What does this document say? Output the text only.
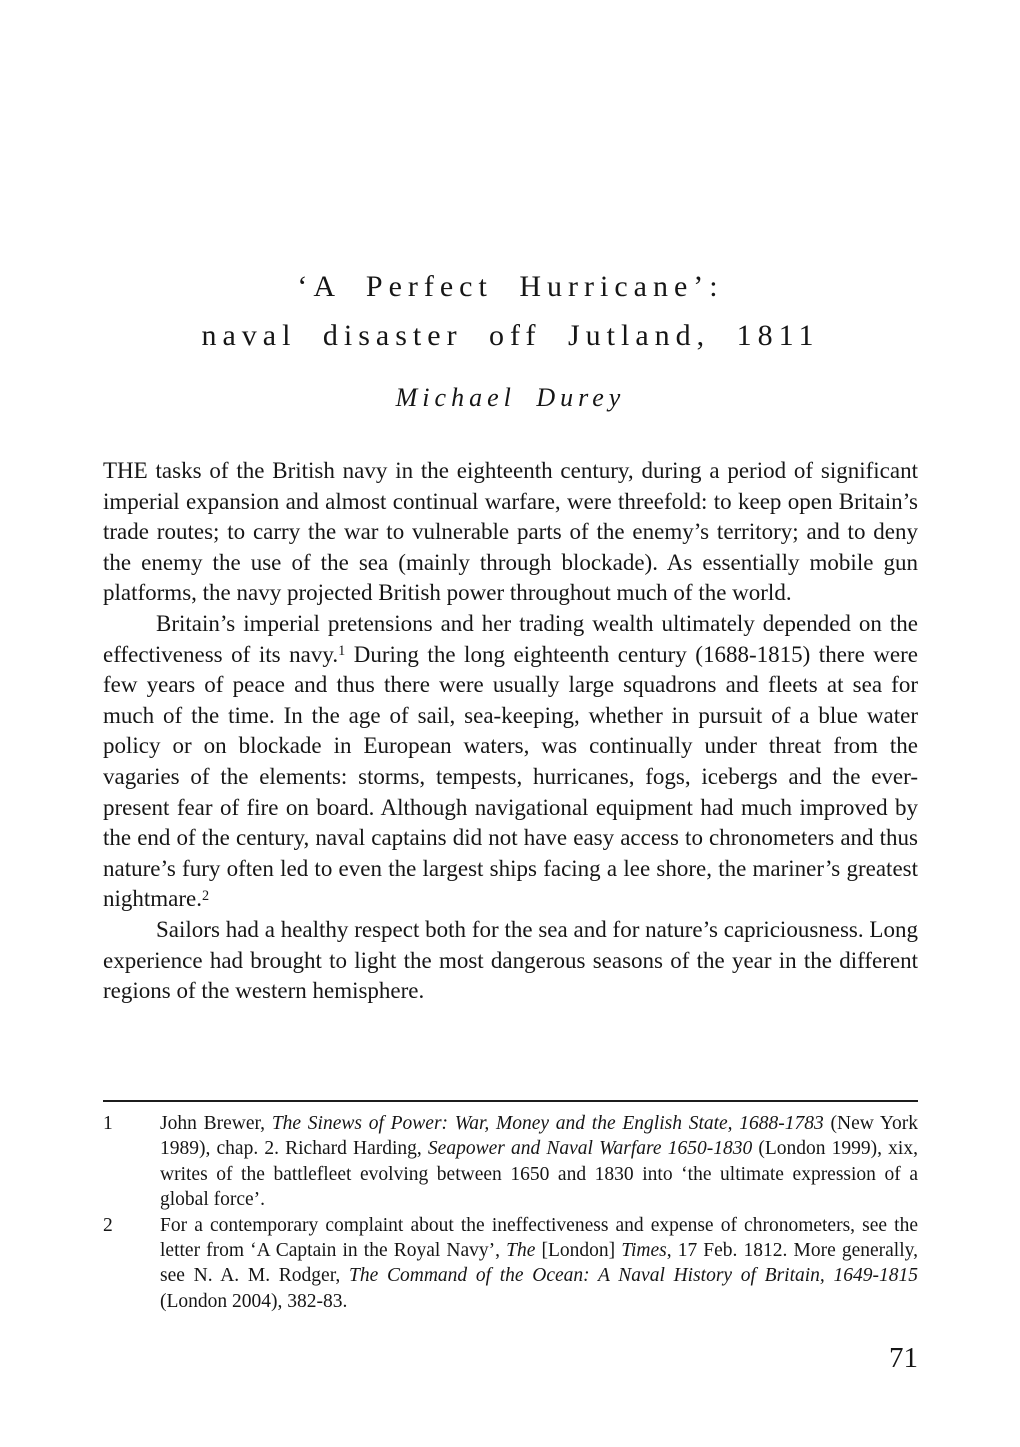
‘A Perfect Hurricane’:
naval disaster off Jutland, 1811
Michael Durey

THE tasks of the British navy in the eighteenth century, during a period of significant imperial expansion and almost continual warfare, were threefold: to keep open Britain’s trade routes; to carry the war to vulnerable parts of the enemy’s territory; and to deny the enemy the use of the sea (mainly through blockade). As essentially mobile gun platforms, the navy projected British power throughout much of the world.

Britain’s imperial pretensions and her trading wealth ultimately depended on the effectiveness of its navy.$^1$ During the long eighteenth century (1688-1815) there were few years of peace and thus there were usually large squadrons and fleets at sea for much of the time. In the age of sail, sea-keeping, whether in pursuit of a blue water policy or on blockade in European waters, was continually under threat from the vagaries of the elements: storms, tempests, hurricanes, fogs, icebergs and the ever-present fear of fire on board. Although navigational equipment had much improved by the end of the century, naval captains did not have easy access to chronometers and thus nature’s fury often led to even the largest ships facing a lee shore, the mariner’s greatest nightmare.$^2$

Sailors had a healthy respect both for the sea and for nature’s capriciousness. Long experience had brought to light the most dangerous seasons of the year in the different regions of the western hemisphere.

1	John Brewer, The Sinews of Power: War, Money and the English State, 1688-1783 (New York 1989), chap. 2. Richard Harding, Seapower and Naval Warfare 1650-1830 (London 1999), xix, writes of the battlefleet evolving between 1650 and 1830 into ‘the ultimate expression of a global force’.
2	For a contemporary complaint about the ineffectiveness and expense of chronometers, see the letter from ‘A Captain in the Royal Navy’, The [London] Times, 17 Feb. 1812. More generally, see N. A. M. Rodger, The Command of the Ocean: A Naval History of Britain, 1649-1815 (London 2004), 382-83.
71
